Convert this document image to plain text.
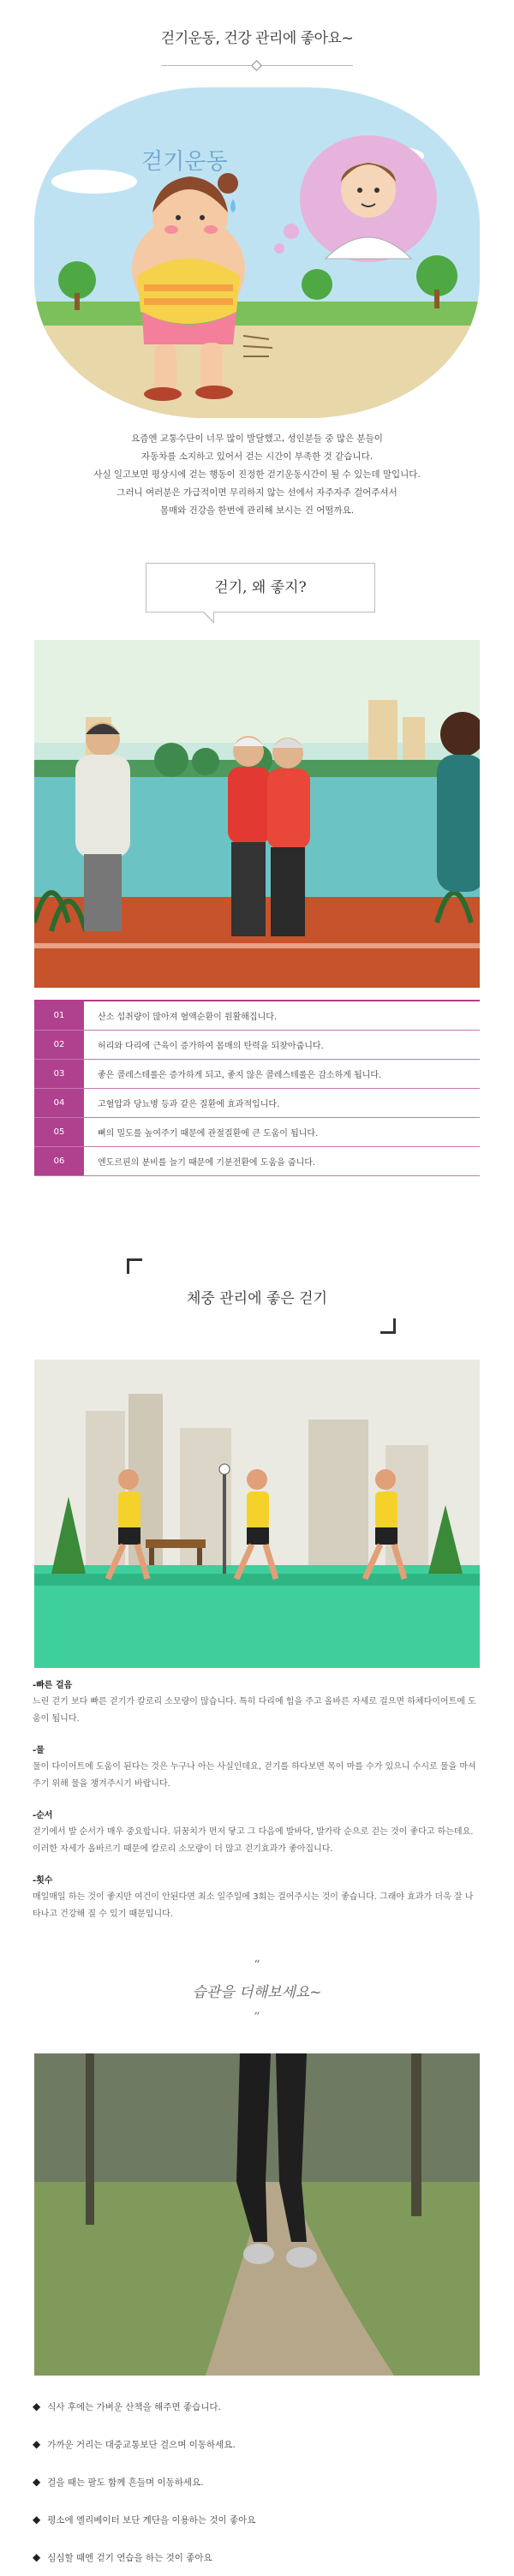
걷기운동, 건강 관리에 좋아요~
걷기운동
요즘엔 교통수단이 너무 많이 발달했고, 성인분들 중 많은 분들이
자동차를 소지하고 있어서 걷는 시간이 부족한 것 같습니다.
사실 일고보면 평상시에 걷는 행동이 진정한 걷기운동시간이 될 수 있는데 말입니다.
그러니 여러분은 가급적이면 무리하지 않는 선에서 자주자주 걸어주셔서
몸매와 건강을 한번에 관리해 보시는 건 어떨까요.
걷기, 왜 좋지?
01	산소 섭취량이 많아져 혈액순환이 원활해집니다.
02	허리와 다리에 근육이 증가하여 몸매의 탄력을 되찾아줍니다.
03	좋은 콜레스테롤은 증가하게 되고, 좋지 않은 콜레스테롤은 감소하게 됩니다.
04	고혈압과 당뇨병 등과 같은 질환에 효과적입니다.
05	뼈의 밀도를 높여주기 때문에 관절질환에 큰 도움이 됩니다.
06	엔도르핀의 분비를 늘기 때문에 기분전환에 도움을 줍니다.
체중 관리에 좋은 걷기
-빠른 걸음
느린 걷기 보다 빠른 걷기가 칼로리 소모량이 많습니다. 특히 다리에 힘을 주고 올바른 자세로 걸으면 하체다이어트에 도움이 됩니다.
-물
물이 다이어트에 도움이 된다는 것은 누구나 아는 사실인데요, 걷기를 하다보면 목이 마를 수가 있으니 수시로 물을 마셔주기 위해 물을 챙겨주시기 바랍니다.
-순서
걷기에서 발 순서가 매우 중요합니다. 뒤꿈치가 먼저 닿고 그 다음에 발바닥, 발가락 순으로 걷는 것이 좋다고 하는데요. 이러한 자세가 올바르기 때문에 칼로리 소모량이 더 많고 걷기효과가 좋아집니다.
-횟수
매일매일 하는 것이 좋지만 여건이 안된다면 최소 일주일에 3회는 걸어주시는 것이 좋습니다. 그래야 효과가 더욱 잘 나타나고 건강해 질 수 있기 때문입니다.
“
습관을 더해보세요~
”
◆ 식사 후에는 가벼운 산책을 해주면 좋습니다.
◆ 가까운 거리는 대중교통보단 걸으며 이동하세요.
◆ 걸을 때는 팔도 함께 흔들며 이동하세요.
◆ 평소에 엘리베이터 보단 계단을 이용하는 것이 좋아요
◆ 심심할 때엔 걷기 연습을 하는 것이 좋아요
